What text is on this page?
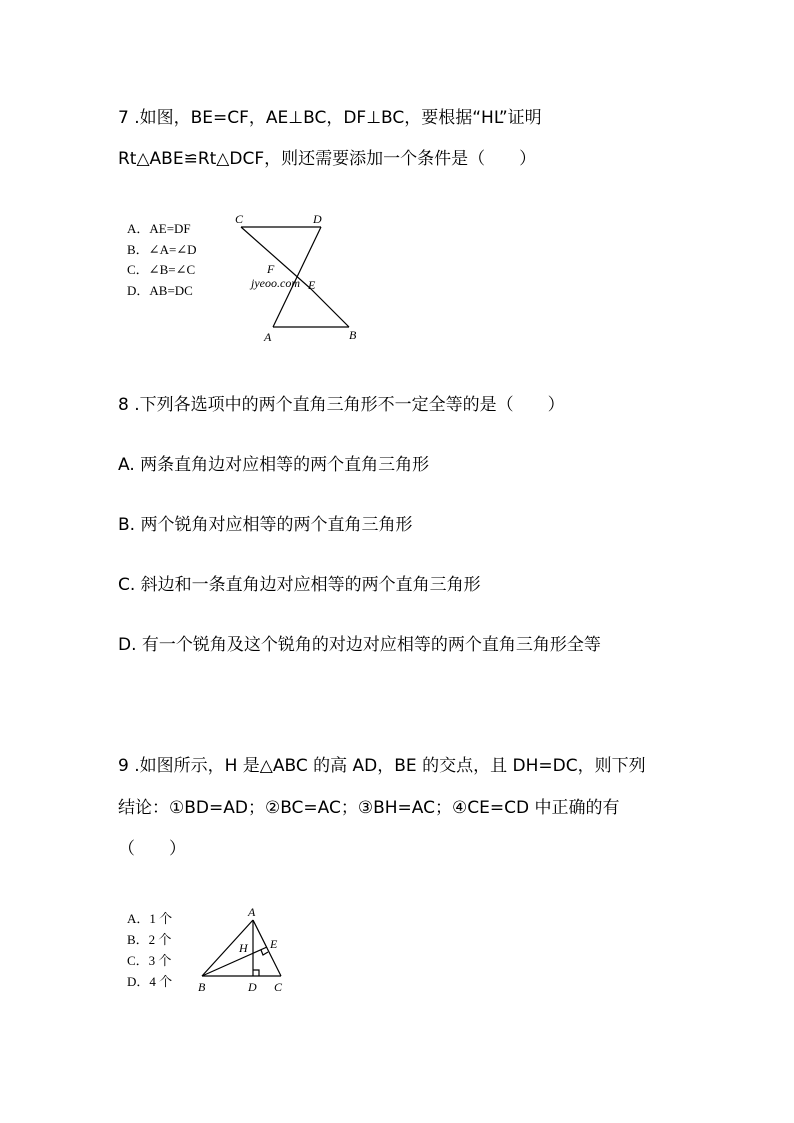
7 .如图，BE=CF，AE⊥BC，DF⊥BC，要根据“HL”证明
Rt△ABE≌Rt△DCF，则还需要添加一个条件是（　　）
A．AE=DF
B．∠A=∠D
C．∠B=∠C
D．AB=DC	jyeoo.com
C	D
F
E
A	B
8 .下列各选项中的两个直角三角形不一定全等的是（　　）
A. 两条直角边对应相等的两个直角三角形
B. 两个锐角对应相等的两个直角三角形
C. 斜边和一条直角边对应相等的两个直角三角形
D. 有一个锐角及这个锐角的对边对应相等的两个直角三角形全等
9 .如图所示，H 是△ABC 的高 AD，BE 的交点，且 DH=DC，则下列
结论：①BD=AD；②BC=AC；③BH=AC；④CE=CD 中正确的有
（　　）
A．1 个
B．2 个
C．3 个
D．4 个
A
H E
B	D C
